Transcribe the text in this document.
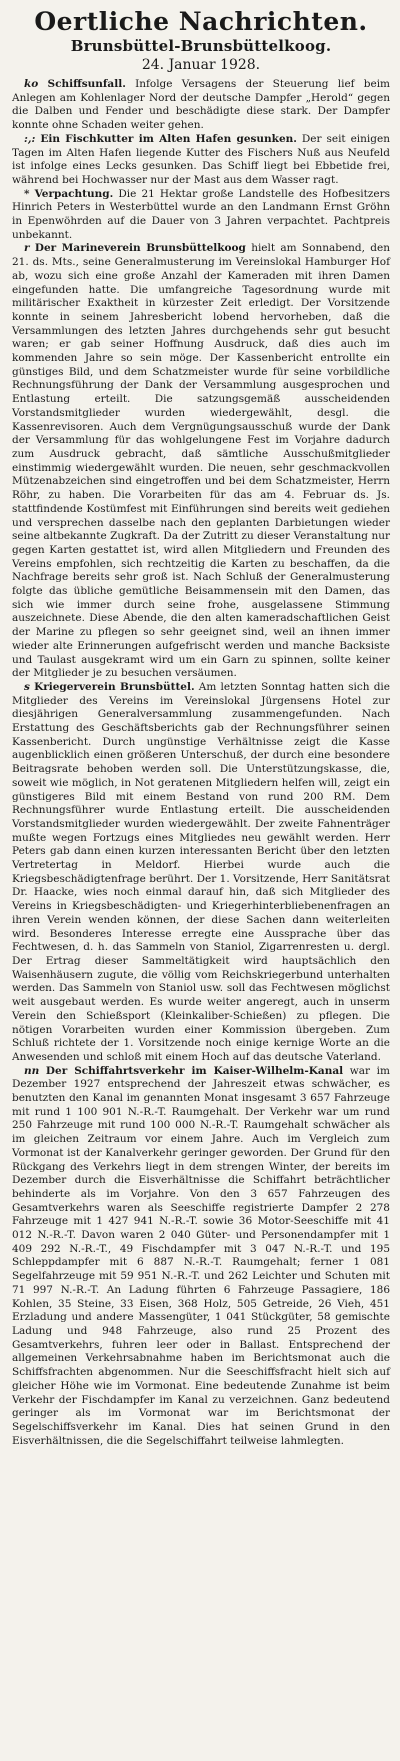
Oertliche Nachrichten.
Brunsbüttel-Brunsbüttelkoog.
24. Januar 1928.

ko Schiffsunfall. Infolge Versagens der Steuerung lief beim Anlegen am Kohlenlager Nord der deutsche Dampfer „Herold“ gegen die Dalben und Fender und beschädigte diese stark. Der Dampfer konnte ohne Schaden weiter gehen.

:,: Ein Fischkutter im Alten Hafen gesunken. Der seit einigen Tagen im Alten Hafen liegende Kutter des Fischers Nuß aus Neufeld ist infolge eines Lecks gesunken. Das Schiff liegt bei Ebbetide frei, während bei Hochwasser nur der Mast aus dem Wasser ragt.

* Verpachtung. Die 21 Hektar große Landstelle des Hofbesitzers Hinrich Peters in Westerbüttel wurde an den Landmann Ernst Gröhn in Epenwöhrden auf die Dauer von 3 Jahren verpachtet. Pachtpreis unbekannt.

r Der Marineverein Brunsbüttelkoog hielt am Sonnabend, den 21. ds. Mts., seine Generalmusterung im Vereinslokal Hamburger Hof ab, wozu sich eine große Anzahl der Kameraden mit ihren Damen eingefunden hatte. Die umfangreiche Tagesordnung wurde mit militärischer Exaktheit in kürzester Zeit erledigt. Der Vorsitzende konnte in seinem Jahresbericht lobend hervorheben, daß die Versammlungen des letzten Jahres durchgehends sehr gut besucht waren; er gab seiner Hoffnung Ausdruck, daß dies auch im kommenden Jahre so sein möge. Der Kassenbericht entrollte ein günstiges Bild, und dem Schatzmeister wurde für seine vorbildliche Rechnungsführung der Dank der Versammlung ausgesprochen und Entlastung erteilt. Die satzungsgemäß ausscheidenden Vorstandsmitglieder wurden wiedergewählt, desgl. die Kassenrevisoren. Auch dem Vergnügungsausschuß wurde der Dank der Versammlung für das wohlgelungene Fest im Vorjahre dadurch zum Ausdruck gebracht, daß sämtliche Ausschußmitglieder einstimmig wiedergewählt wurden. Die neuen, sehr geschmackvollen Mützenabzeichen sind eingetroffen und bei dem Schatzmeister, Herrn Röhr, zu haben. Die Vorarbeiten für das am 4. Februar ds. Js. stattfindende Kostümfest mit Einführungen sind bereits weit gediehen und versprechen dasselbe nach den geplanten Darbietungen wieder seine altbekannte Zugkraft. Da der Zutritt zu dieser Veranstaltung nur gegen Karten gestattet ist, wird allen Mitgliedern und Freunden des Vereins empfohlen, sich rechtzeitig die Karten zu beschaffen, da die Nachfrage bereits sehr groß ist. Nach Schluß der Generalmusterung folgte das übliche gemütliche Beisammensein mit den Damen, das sich wie immer durch seine frohe, ausgelassene Stimmung auszeichnete. Diese Abende, die den alten kameradschaftlichen Geist der Marine zu pflegen so sehr geeignet sind, weil an ihnen immer wieder alte Erinnerungen aufgefrischt werden und manche Backsiste und Taulast ausgekramt wird um ein Garn zu spinnen, sollte keiner der Mitglieder je zu besuchen versäumen.

s Kriegerverein Brunsbüttel. Am letzten Sonntag hatten sich die Mitglieder des Vereins im Vereinslokal Jürgensens Hotel zur diesjährigen Generalversammlung zusammengefunden. Nach Erstattung des Geschäftsberichts gab der Rechnungsführer seinen Kassenbericht. Durch ungünstige Verhältnisse zeigt die Kasse augenblicklich einen größeren Unterschuß, der durch eine besondere Beitragsrate behoben werden soll. Die Unterstützungskasse, die, soweit wie möglich, in Not geratenen Mitgliedern helfen will, zeigt ein günstigeres Bild mit einem Bestand von rund 200 RM. Dem Rechnungsführer wurde Entlastung erteilt. Die ausscheidenden Vorstandsmitglieder wurden wiedergewählt. Der zweite Fahnenträger mußte wegen Fortzugs eines Mitgliedes neu gewählt werden. Herr Peters gab dann einen kurzen interessanten Bericht über den letzten Vertretertag in Meldorf. Hierbei wurde auch die Kriegsbeschädigtenfrage berührt. Der 1. Vorsitzende, Herr Sanitätsrat Dr. Haacke, wies noch einmal darauf hin, daß sich Mitglieder des Vereins in Kriegsbeschädigten- und Kriegerhinterbliebenenfragen an ihren Verein wenden können, der diese Sachen dann weiterleiten wird. Besonderes Interesse erregte eine Aussprache über das Fechtwesen, d. h. das Sammeln von Staniol, Zigarrenresten u. dergl. Der Ertrag dieser Sammeltätigkeit wird hauptsächlich den Waisenhäusern zugute, die völlig vom Reichskriegerbund unterhalten werden. Das Sammeln von Staniol usw. soll das Fechtwesen möglichst weit ausgebaut werden. Es wurde weiter angeregt, auch in unserm Verein den Schießsport (Kleinkaliber-Schießen) zu pflegen. Die nötigen Vorarbeiten wurden einer Kommission übergeben. Zum Schluß richtete der 1. Vorsitzende noch einige kernige Worte an die Anwesenden und schloß mit einem Hoch auf das deutsche Vaterland.

nn Der Schiffahrtsverkehr im Kaiser-Wilhelm-Kanal war im Dezember 1927 entsprechend der Jahreszeit etwas schwächer, es benutzten den Kanal im genannten Monat insgesamt 3 657 Fahrzeuge mit rund 1 100 901 N.-R.-T. Raumgehalt. Der Verkehr war um rund 250 Fahrzeuge mit rund 100 000 N.-R.-T. Raumgehalt schwächer als im gleichen Zeitraum vor einem Jahre. Auch im Vergleich zum Vormonat ist der Kanalverkehr geringer geworden. Der Grund für den Rückgang des Verkehrs liegt in dem strengen Winter, der bereits im Dezember durch die Eisverhältnisse die Schiffahrt beträchtlicher behinderte als im Vorjahre. Von den 3 657 Fahrzeugen des Gesamtverkehrs waren als Seeschiffe registrierte Dampfer 2 278 Fahrzeuge mit 1 427 941 N.-R.-T. sowie 36 Motor-Seeschiffe mit 41 012 N.-R.-T. Davon waren 2 040 Güter- und Personendampfer mit 1 409 292 N.-R.-T., 49 Fischdampfer mit 3 047 N.-R.-T. und 195 Schleppdampfer mit 6 887 N.-R.-T. Raumgehalt; ferner 1 081 Segelfahrzeuge mit 59 951 N.-R.-T. und 262 Leichter und Schuten mit 71 997 N.-R.-T. An Ladung führten 6 Fahrzeuge Passagiere, 186 Kohlen, 35 Steine, 33 Eisen, 368 Holz, 505 Getreide, 26 Vieh, 451 Erzladung und andere Massengüter, 1 041 Stückgüter, 58 gemischte Ladung und 948 Fahrzeuge, also rund 25 Prozent des Gesamtverkehrs, fuhren leer oder in Ballast. Entsprechend der allgemeinen Verkehrsabnahme haben im Berichtsmonat auch die Schiffsfrachten abgenommen. Nur die Seeschiffsfracht hielt sich auf gleicher Höhe wie im Vormonat. Eine bedeutende Zunahme ist beim Verkehr der Fischdampfer im Kanal zu verzeichnen. Ganz bedeutend geringer als im Vormonat war im Berichtsmonat der Segelschiffsverkehr im Kanal. Dies hat seinen Grund in den Eisverhältnissen, die die Segelschiffahrt teilweise lahmlegten.
